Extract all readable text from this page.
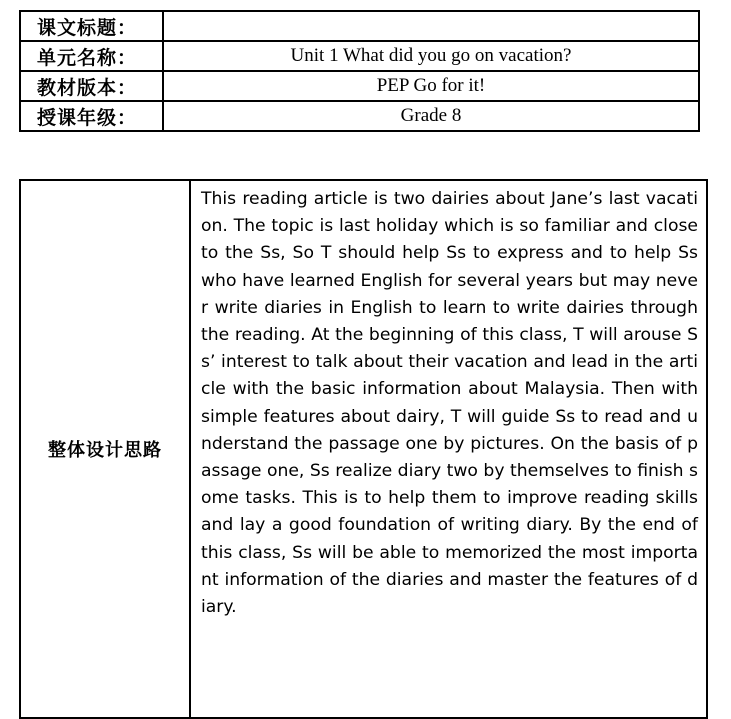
课文标题：	
单元名称：	Unit 1 What did you go on vacation?
教材版本：	PEP Go for it!
授课年级：	Grade 8
整体设计思路	This reading article is two dairies about Jane’s last vacation. The topic is last holiday which is so familiar and close to the Ss, So T should help Ss to express and to help Ss who have learned English for several years but may never write diaries in English to learn to write dairies through the reading. At the beginning of this class, T will arouse Ss’ interest to talk about their vacation and lead in the article with the basic information about Malaysia. Then with simple features about dairy, T will guide Ss to read and understand the passage one by pictures. On the basis of passage one, Ss realize diary two by themselves to finish some tasks. This is to help them to improve reading skills and lay a good foundation of writing diary. By the end of this class, Ss will be able to memorized the most important information of the diaries and master the features of diary.
